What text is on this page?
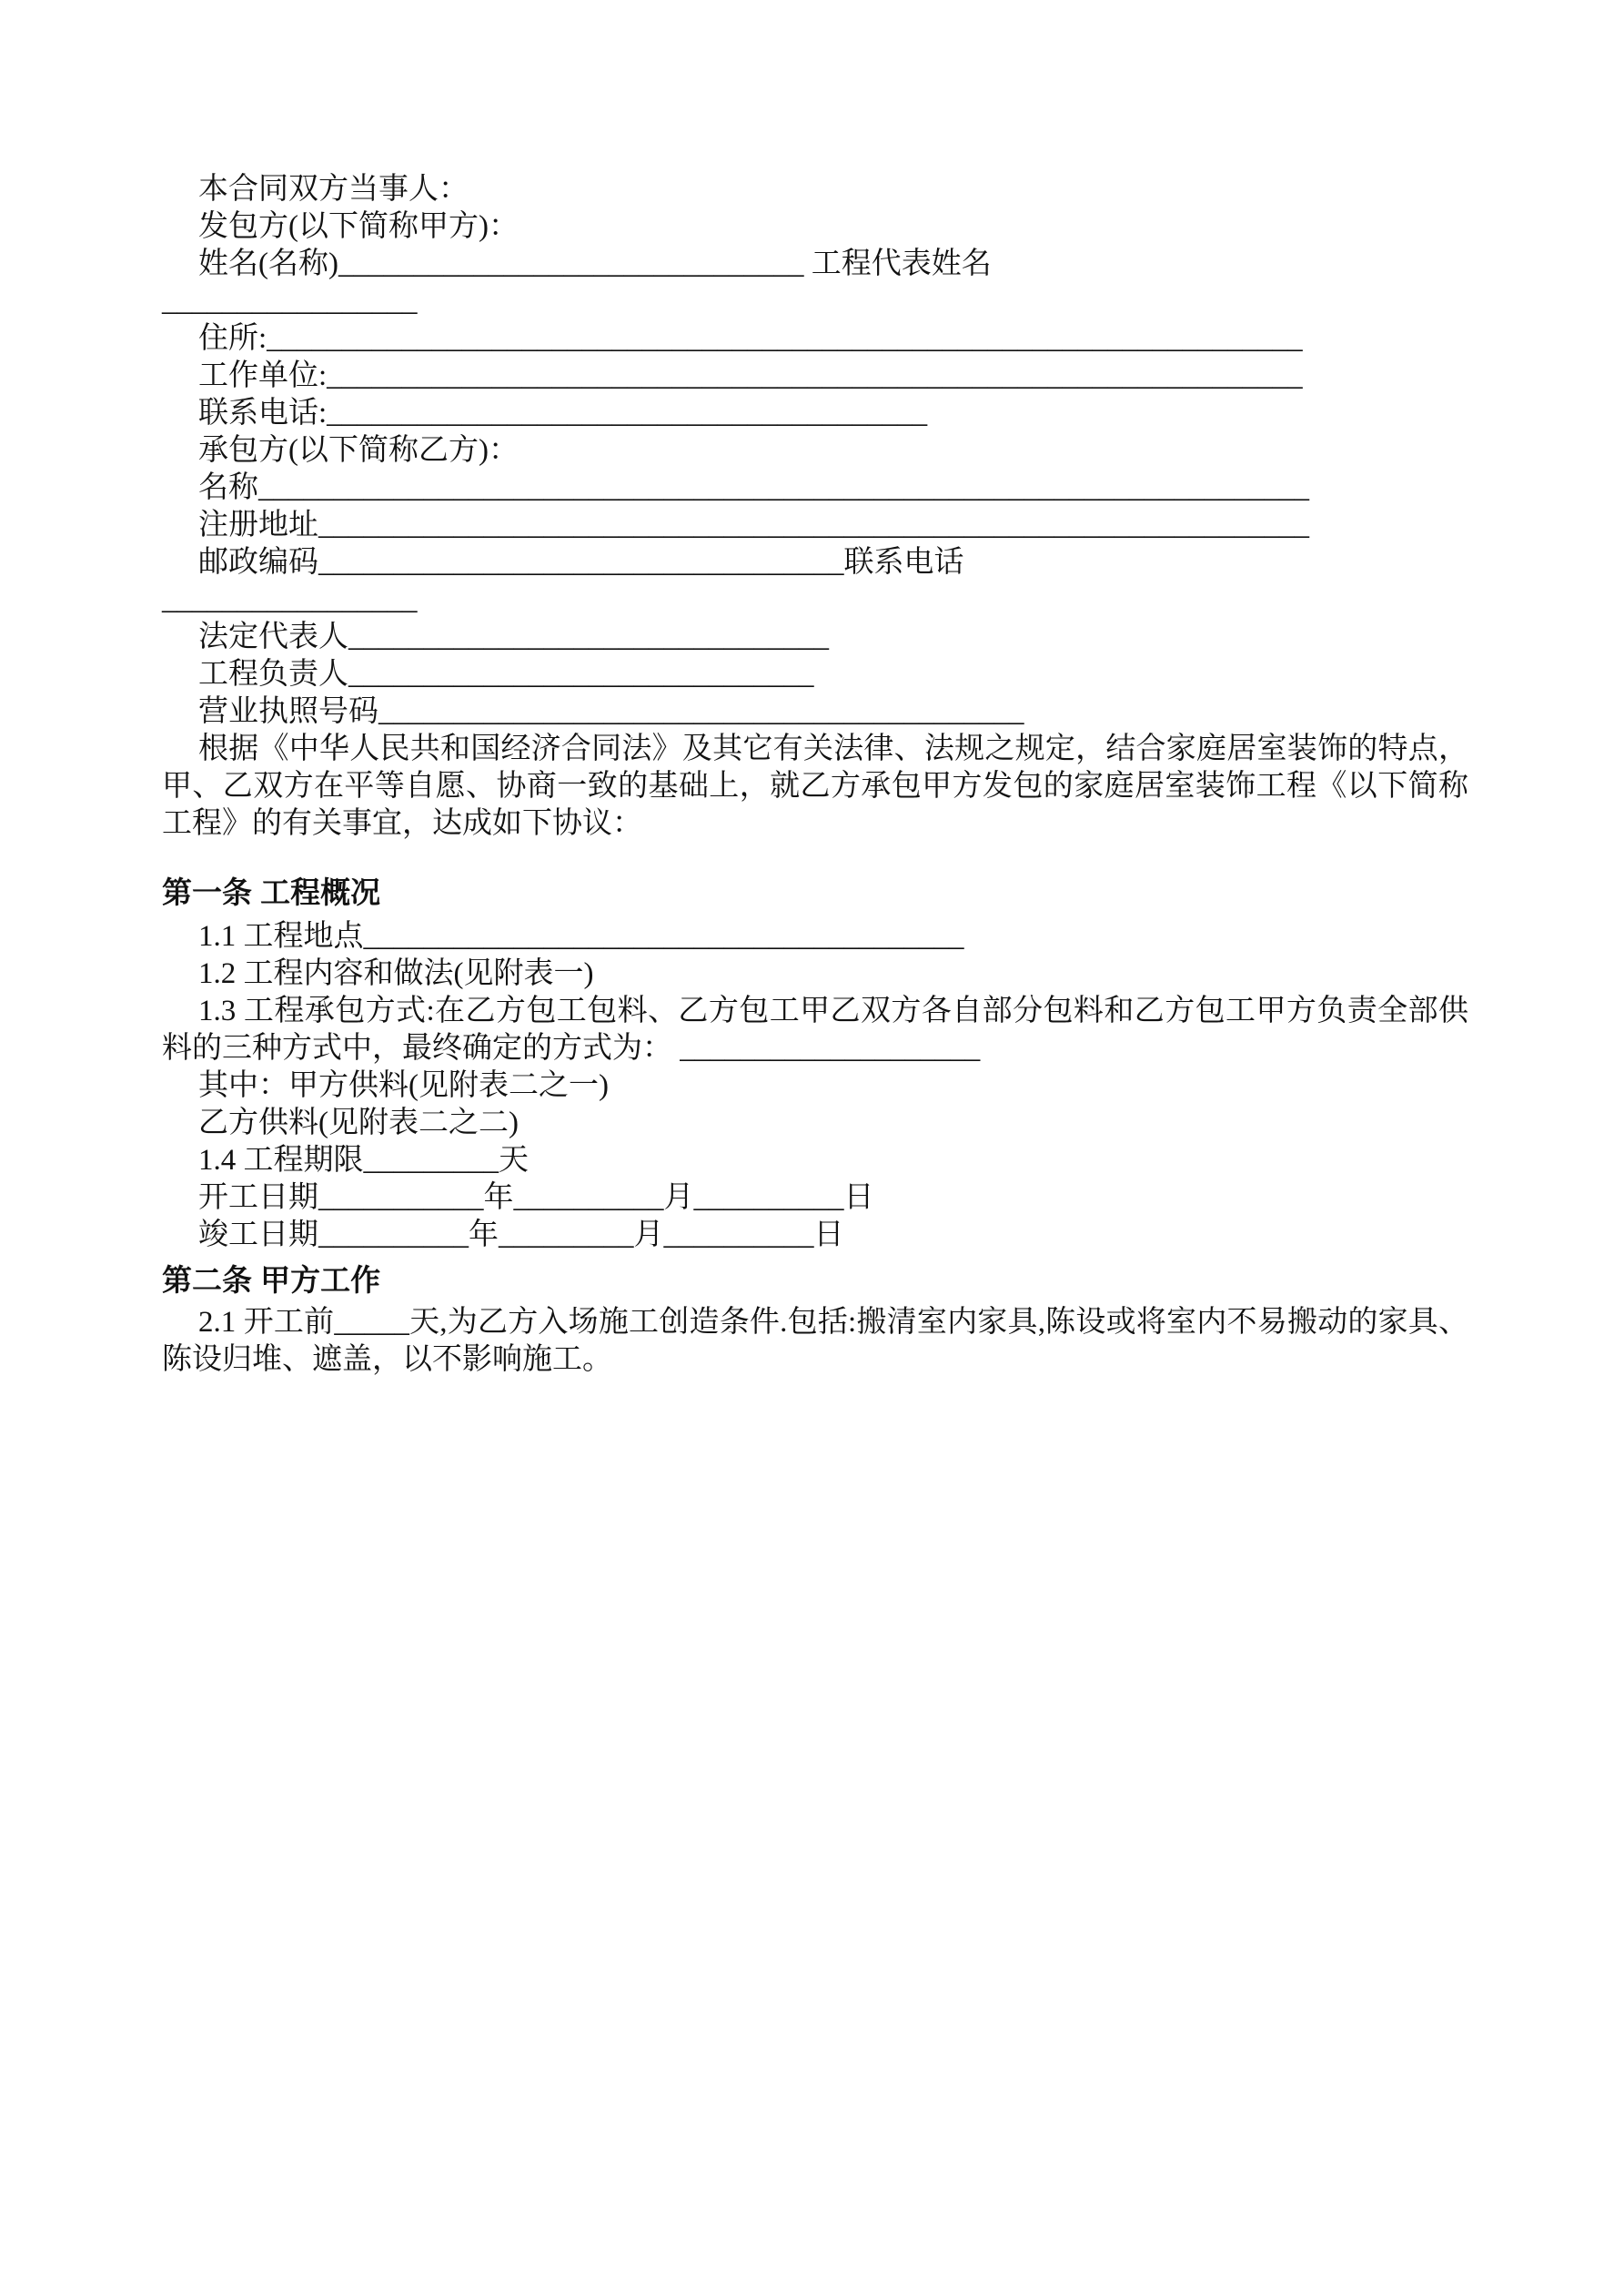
本合同双方当事人：

发包方(以下简称甲方)：

姓名(名称)_______________________________ 工程代表姓名

_________________

住所:_____________________________________________________________________

工作单位:_________________________________________________________________

联系电话:________________________________________

承包方(以下简称乙方)：

名称______________________________________________________________________

注册地址__________________________________________________________________

邮政编码___________________________________联系电话

_________________

法定代表人________________________________

工程负责人_______________________________

营业执照号码___________________________________________

根据《中华人民共和国经济合同法》及其它有关法律、法规之规定，结合家庭居室装饰的特点，甲、乙双方在平等自愿、协商一致的基础上，就乙方承包甲方发包的家庭居室装饰工程《以下简称工程》的有关事宜，达成如下协议：

第一条 工程概况

1.1 工程地点________________________________________

1.2 工程内容和做法(见附表一)

1.3 工程承包方式:在乙方包工包料、乙方包工甲乙双方各自部分包料和乙方包工甲方负责全部供料的三种方式中，最终确定的方式为： ____________________

其中：甲方供料(见附表二之一)

乙方供料(见附表二之二)

1.4 工程期限_________天

开工日期___________年__________月__________日

竣工日期__________年_________月__________日

第二条 甲方工作

2.1 开工前_____天,为乙方入场施工创造条件.包括:搬清室内家具,陈设或将室内不易搬动的家具、陈设归堆、遮盖，以不影响施工。
